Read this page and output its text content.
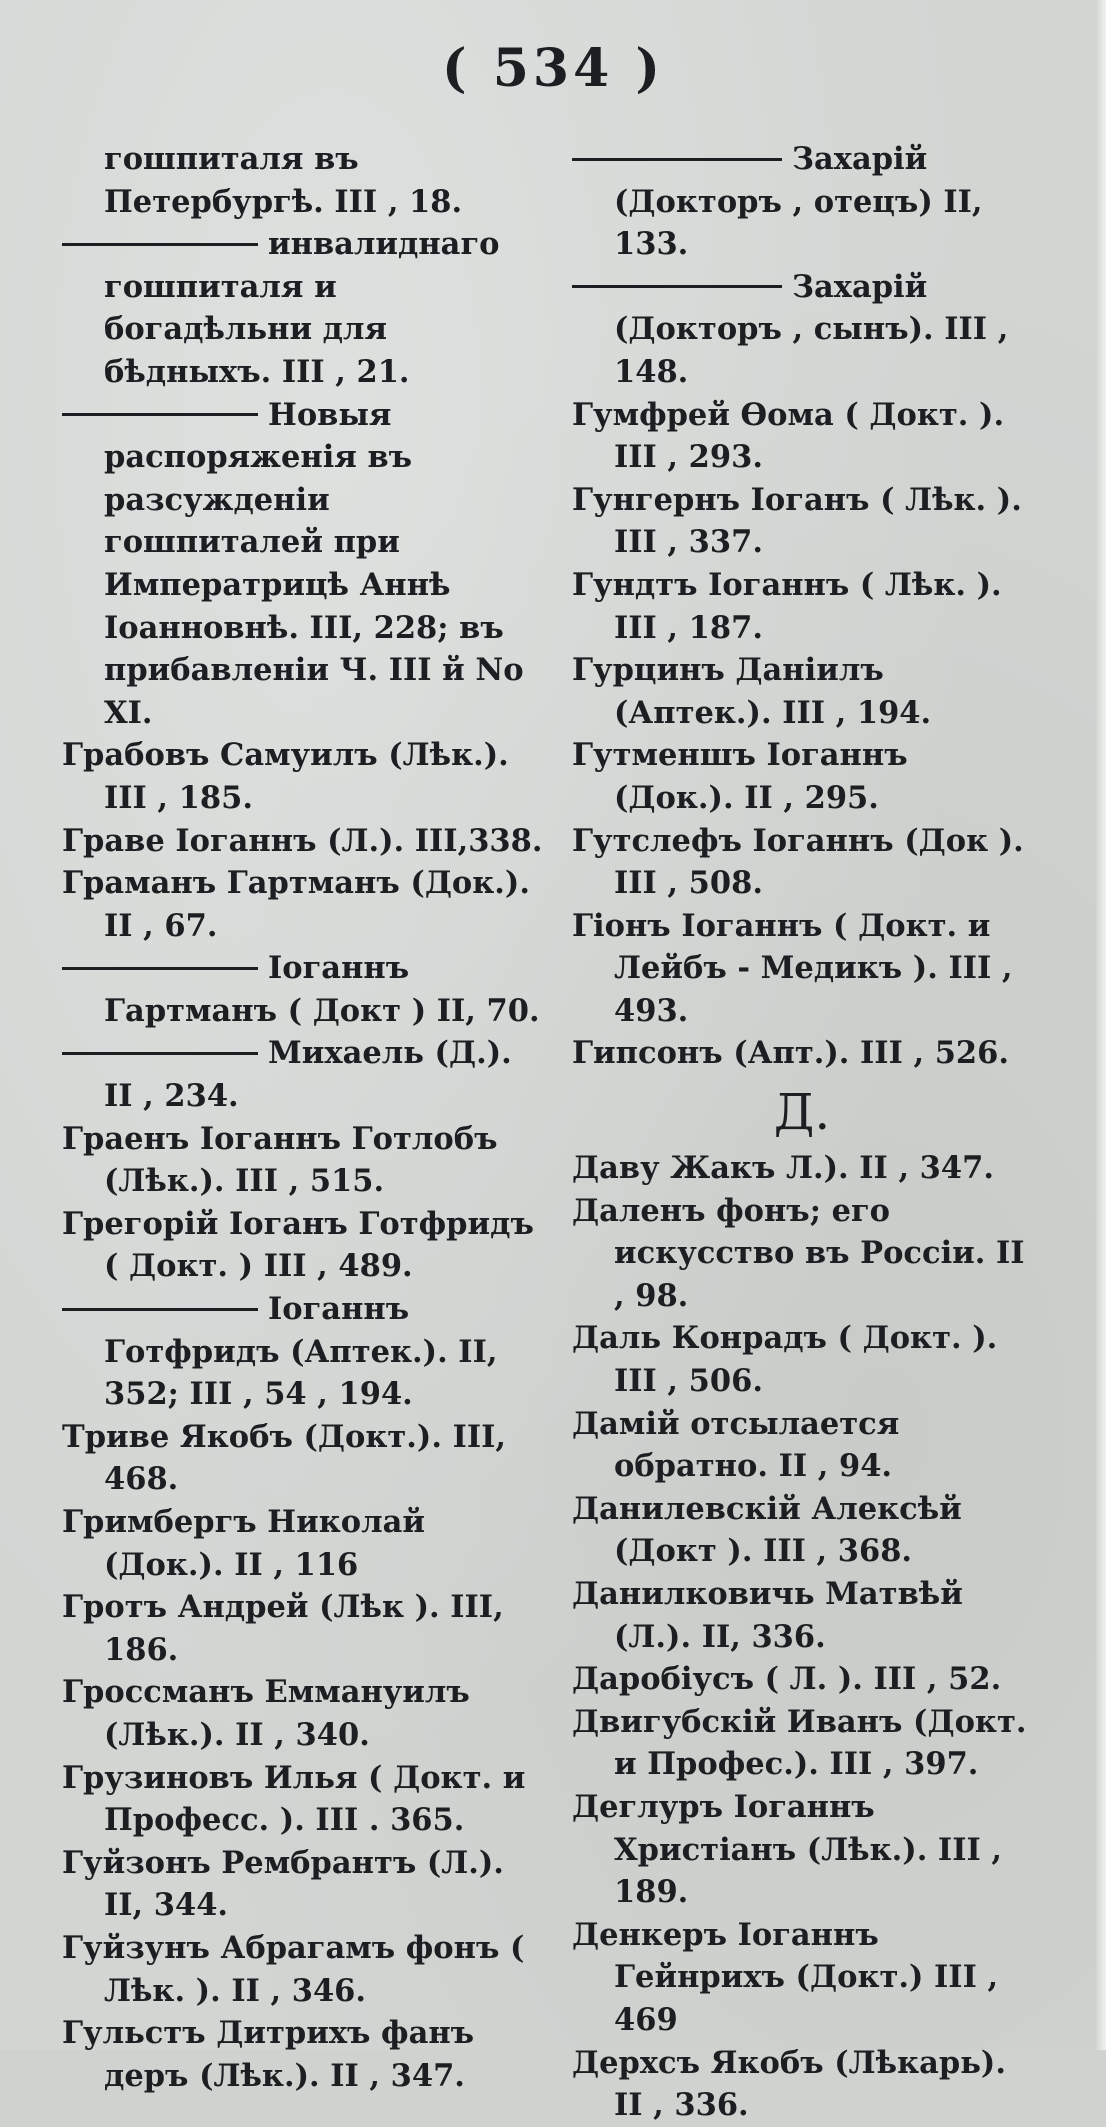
( 534 )
гошпиталя въ Петербургѣ. III , 18.
инвалиднаго гошпиталя и богадѣльни для бѣдныхъ. III , 21.
Новыя распоряженія въ разсужденіи гошпиталей при Императрицѣ Аннѣ Іоанновнѣ. III, 228; въ прибавленіи Ч. III й No XI.
Грабовъ Самуилъ (Лѣк.). III , 185.
Граве Іоганнъ (Л.). III,338.
Граманъ Гартманъ (Док.). II , 67.
Іоганнъ Гартманъ ( Докт ) II, 70.
Михаель (Д.). II , 234.
Граенъ Іоганнъ Готлобъ (Лѣк.). III , 515.
Грегорій Іоганъ Готфридъ ( Докт. ) III , 489.
Іоганнъ Готфридъ (Аптек.). II, 352; III , 54 , 194.
Триве Якобъ (Докт.). III, 468.
Гримбергъ Николай (Док.). II , 116
Гротъ Андрей (Лѣк ). III, 186.
Гроссманъ Еммануилъ (Лѣк.). II , 340.
Грузиновъ Илья ( Докт. и Професс. ). III . 365.
Гуйзонъ Рембрантъ (Л.). II, 344.
Гуйзунъ Абрагамъ фонъ ( Лѣк. ). II , 346.
Гульстъ Дитрихъ фанъ деръ (Лѣк.). II , 347.
Захарій (Докторъ , отецъ) II, 133.
Захарій (Докторъ , сынъ). III , 148.
Гумфрей Ѳома ( Докт. ). III , 293.
Гунгернъ Іоганъ ( Лѣк. ). III , 337.
Гундтъ Іоганнъ ( Лѣк. ). III , 187.
Гурцинъ Даніилъ (Аптек.). III , 194.
Гутменшъ Іоганнъ (Док.). II , 295.
Гутслефъ Іоганнъ (Док ). III , 508.
Гіонъ Іоганнъ ( Докт. и Лейбъ - Медикъ ). III , 493.
Гипсонъ (Апт.). III , 526.
Д.
Даву Жакъ Л.). II , 347.
Даленъ фонъ; его искусство въ Россіи. II , 98.
Даль Конрадъ ( Докт. ). III , 506.
Дамій отсылается обратно. II , 94.
Данилевскій Алексѣй (Докт ). III , 368.
Данилковичь Матвѣй (Л.). II, 336.
Даробіусъ ( Л. ). III , 52.
Двигубскій Иванъ (Докт. и Профес.). III , 397.
Деглуръ Іоганнъ Христіанъ (Лѣк.). III , 189.
Денкеръ Іоганнъ Гейнрихъ (Докт.) III , 469
Дерхсъ Якобъ (Лѣкарь). II , 336.
